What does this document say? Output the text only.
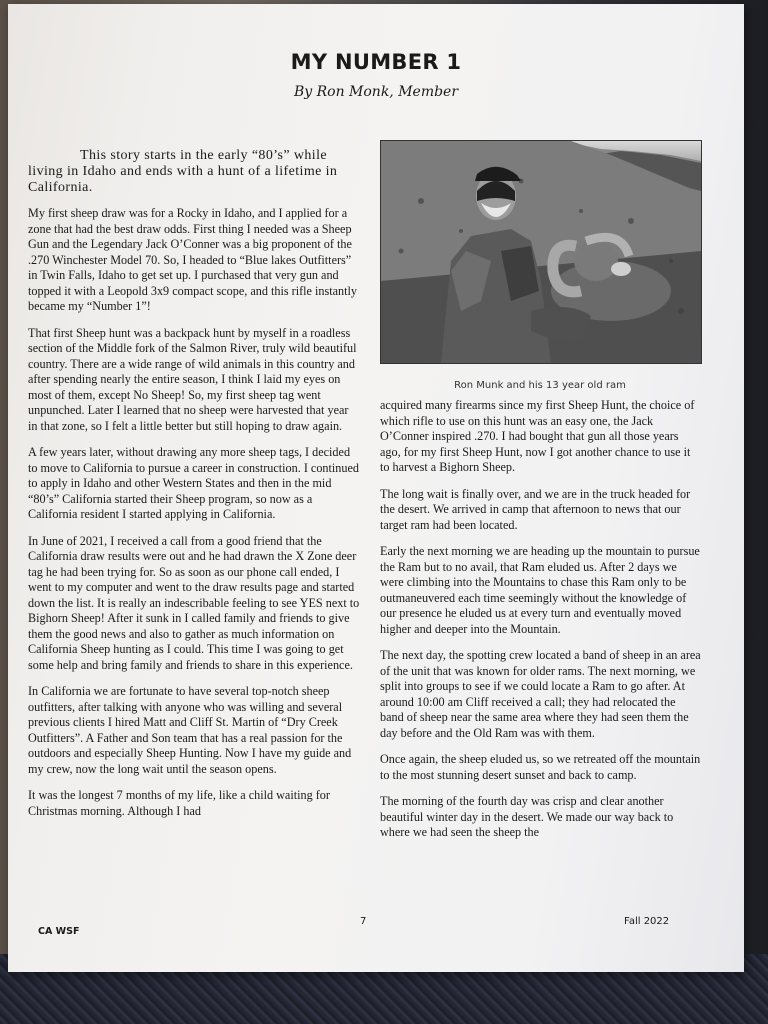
MY NUMBER 1
By Ron Monk, Member

This story starts in the early “80’s” while living in Idaho and ends with a hunt of a lifetime in California.

My first sheep draw was for a Rocky in Idaho, and I applied for a zone that had the best draw odds. First thing I needed was a Sheep Gun and the Legendary Jack O’Conner was a big proponent of the .270 Winchester Model 70. So, I headed to “Blue lakes Outfitters” in Twin Falls, Idaho to get set up. I purchased that very gun and topped it with a Leopold 3x9 compact scope, and this rifle instantly became my “Number 1”!

That first Sheep hunt was a backpack hunt by myself in a roadless section of the Middle fork of the Salmon River, truly wild beautiful country. There are a wide range of wild animals in this country and after spending nearly the entire season, I think I laid my eyes on most of them, except No Sheep! So, my first sheep tag went unpunched. Later I learned that no sheep were harvested that year in that zone, so I felt a little better but still hoping to draw again.

A few years later, without drawing any more sheep tags, I decided to move to California to pursue a career in construction. I continued to apply in Idaho and other Western States and then in the mid “80’s” California started their Sheep program, so now as a California resident I started applying in California.

In June of 2021, I received a call from a good friend that the California draw results were out and he had drawn the X Zone deer tag he had been trying for. So as soon as our phone call ended, I went to my computer and went to the draw results page and started down the list. It is really an indescribable feeling to see YES next to Bighorn Sheep! After it sunk in I called family and friends to give them the good news and also to gather as much information on California Sheep hunting as I could. This time I was going to get some help and bring family and friends to share in this experience.

In California we are fortunate to have several top-notch sheep outfitters, after talking with anyone who was willing and several previous clients I hired Matt and Cliff St. Martin of “Dry Creek Outfitters”. A Father and Son team that has a real passion for the outdoors and especially Sheep Hunting. Now I have my guide and my crew, now the long wait until the season opens.

It was the longest 7 months of my life, like a child waiting for Christmas morning. Although I had

Ron Munk and his 13 year old ram

acquired many firearms since my first Sheep Hunt, the choice of which rifle to use on this hunt was an easy one, the Jack O’Conner inspired .270. I had bought that gun all those years ago, for my first Sheep Hunt, now I got another chance to use it to harvest a Bighorn Sheep.

The long wait is finally over, and we are in the truck headed for the desert. We arrived in camp that afternoon to news that our target ram had been located.

Early the next morning we are heading up the mountain to pursue the Ram but to no avail, that Ram eluded us. After 2 days we were climbing into the Mountains to chase this Ram only to be outmaneuvered each time seemingly without the knowledge of our presence he eluded us at every turn and eventually moved higher and deeper into the Mountain.

The next day, the spotting crew located a band of sheep in an area of the unit that was known for older rams. The next morning, we split into groups to see if we could locate a Ram to go after. At around 10:00 am Cliff received a call; they had relocated the band of sheep near the same area where they had seen them the day before and the Old Ram was with them.

Once again, the sheep eluded us, so we retreated off the mountain to the most stunning desert sunset and back to camp.

The morning of the fourth day was crisp and clear another beautiful winter day in the desert. We made our way back to where we had seen the sheep the

CA WSF
7	Fall 2022
